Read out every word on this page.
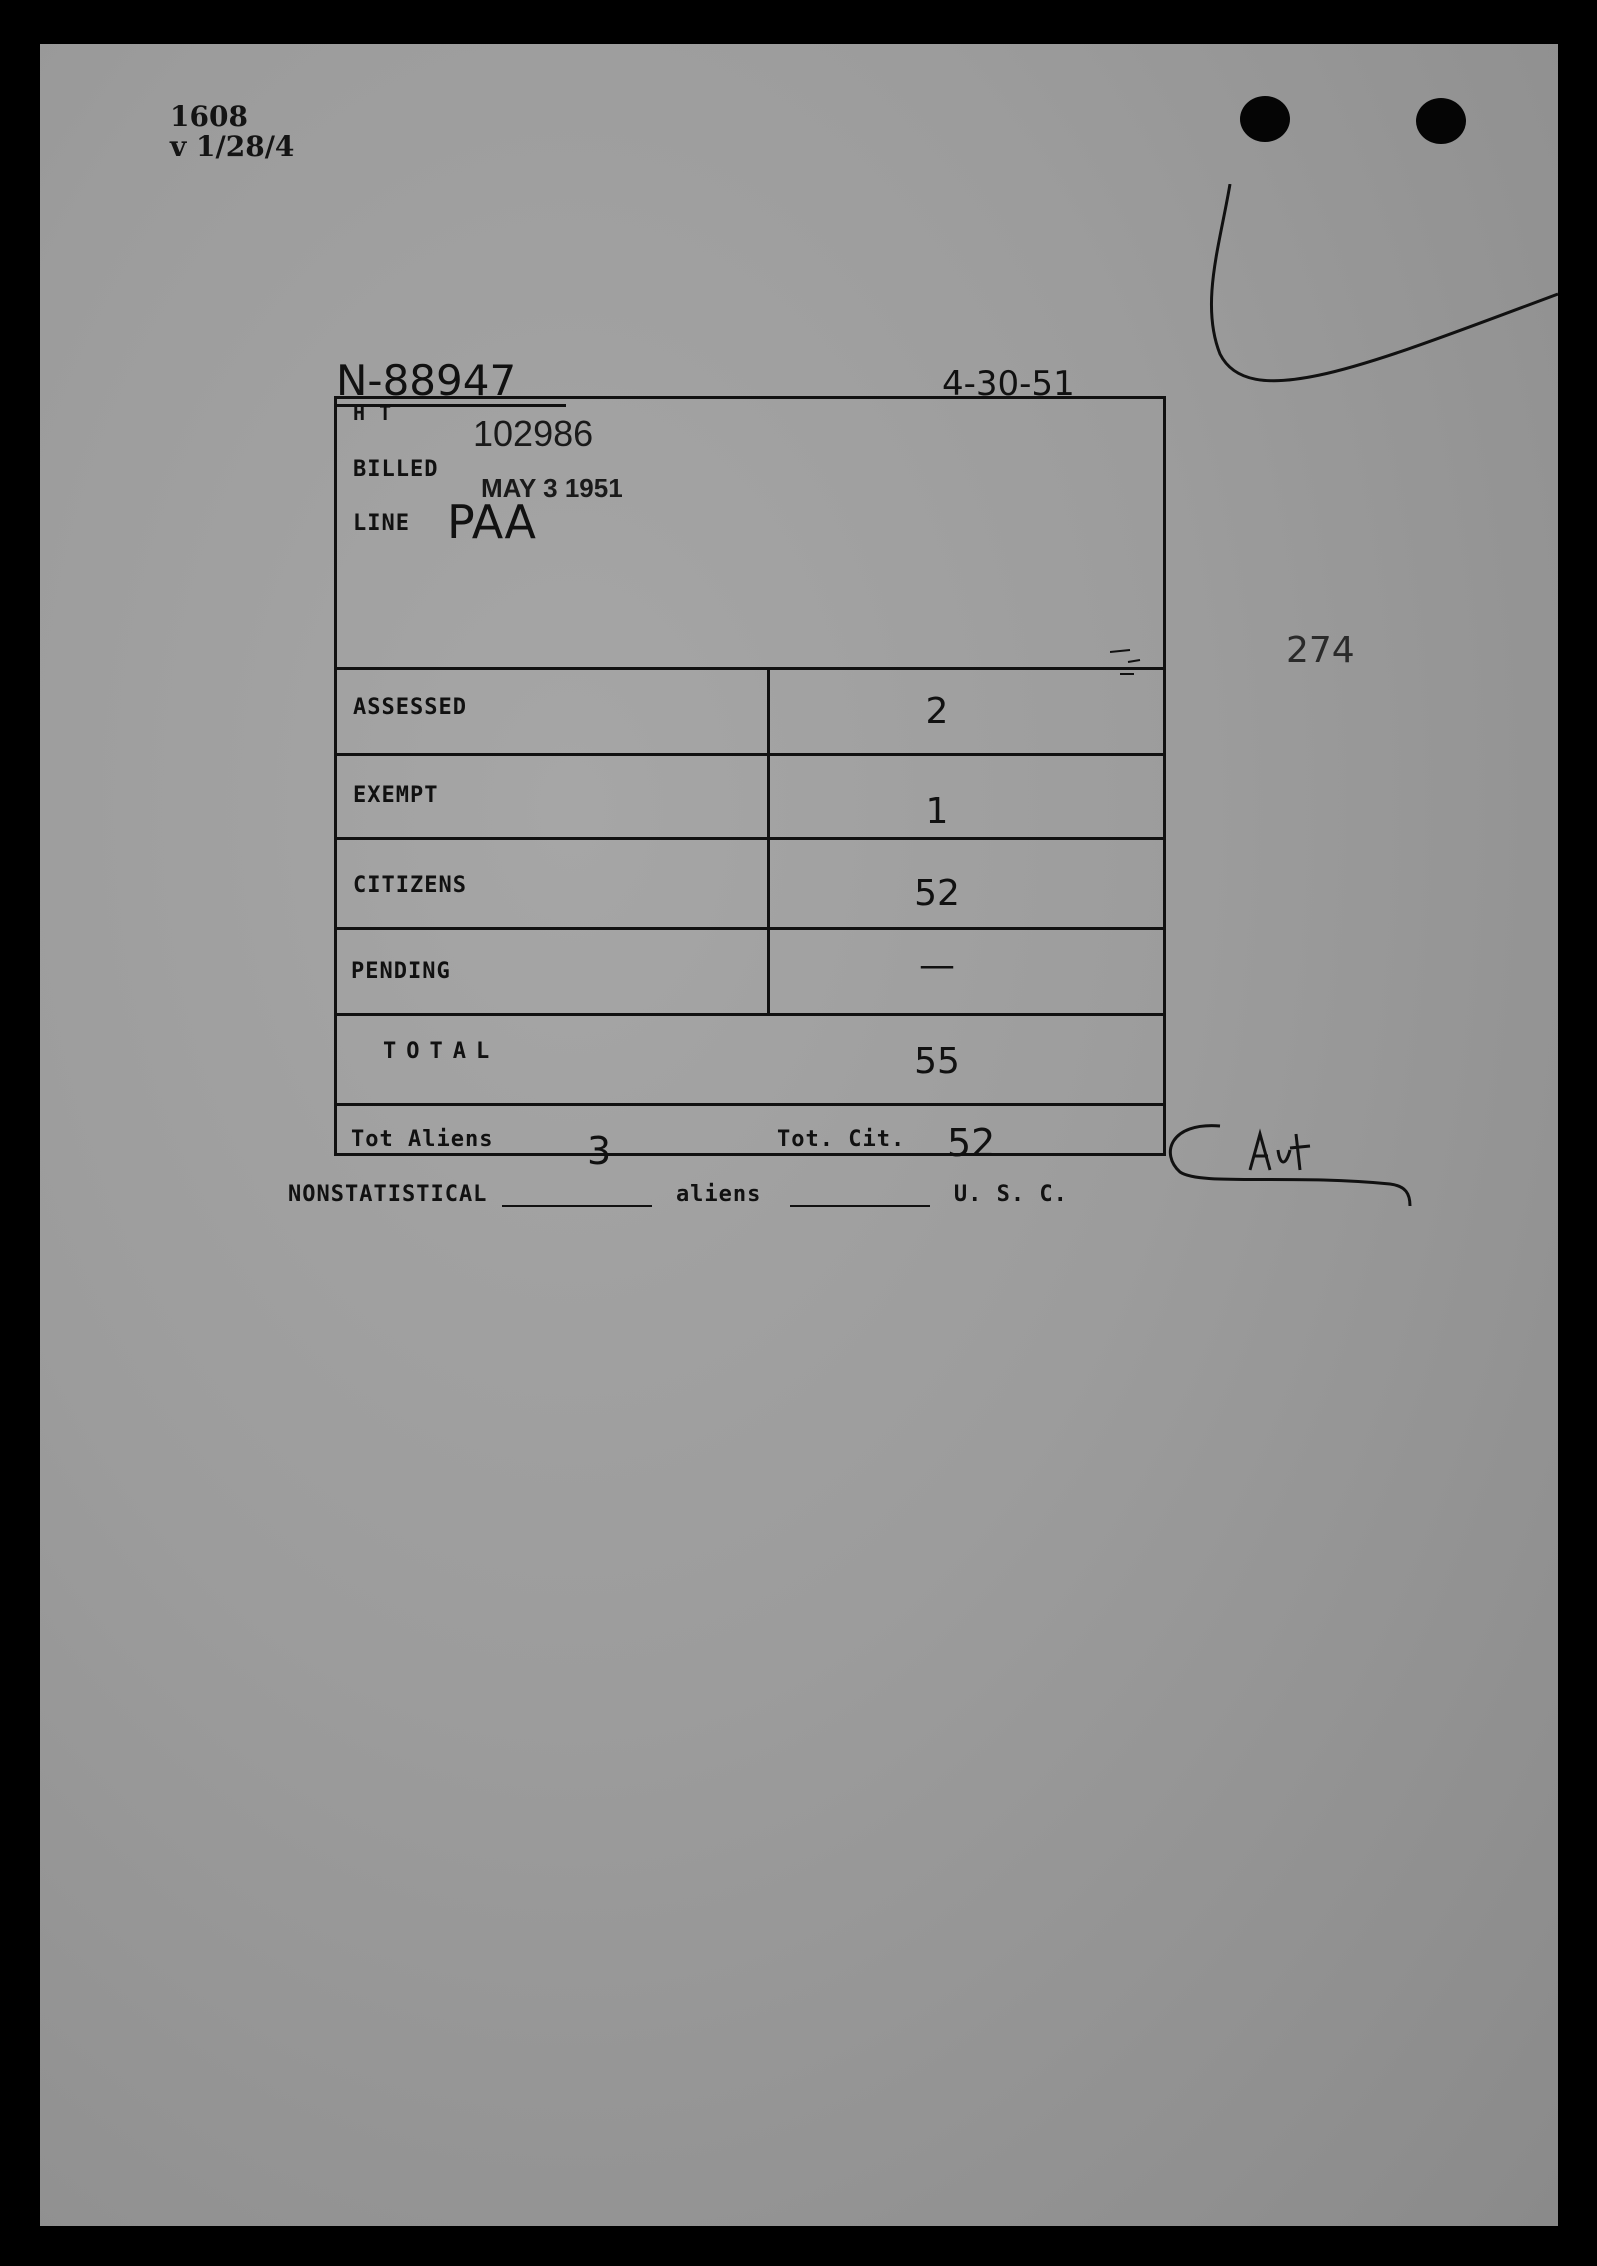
1608
v 1/28/4
N-88947	4-30-51
274
H T 102986
BILLED
MAY 3 1951
LINE PAA
ASSESSED	2
EXEMPT	1
CITIZENS	52
PENDING	—
TOTAL	55
Tot Aliens 3	Tot. Cit. 52
NONSTATISTICAL	aliens	U. S. C.
